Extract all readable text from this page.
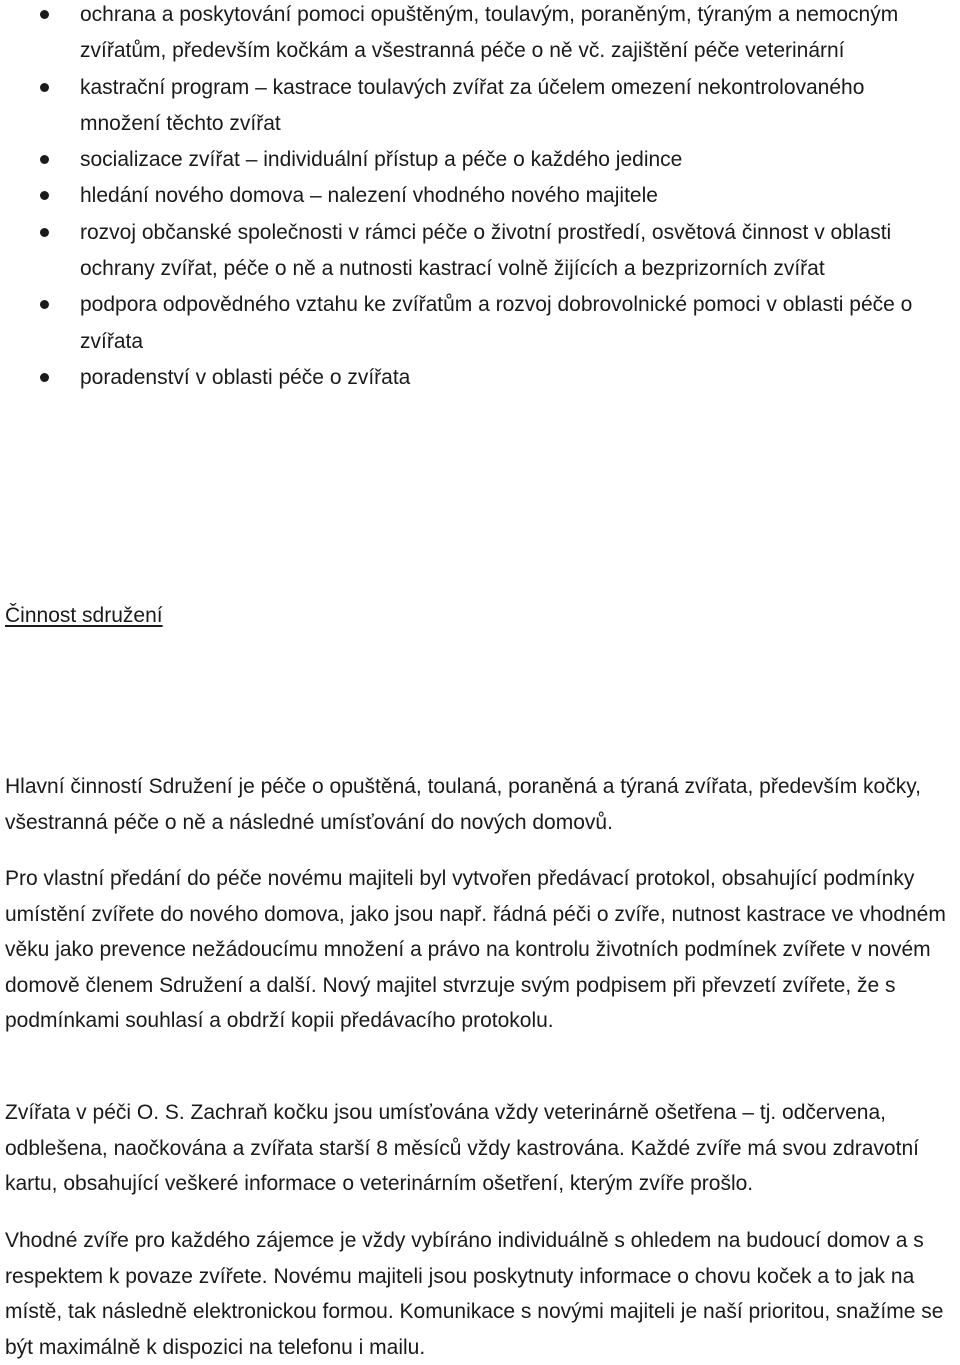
ochrana a poskytování pomoci opuštěným, toulavým, poraněným, týraným a nemocným zvířatům, především kočkám a všestranná péče o ně vč. zajištění péče veterinární
kastrační program – kastrace toulavých zvířat za účelem omezení nekontrolovaného množení těchto zvířat
socializace zvířat – individuální přístup a péče o každého jedince
hledání nového domova – nalezení vhodného nového majitele
rozvoj občanské společnosti v rámci péče o životní prostředí, osvětová činnost v oblasti ochrany zvířat, péče o ně a nutnosti kastrací volně žijících a bezprizorních zvířat
podpora odpovědného vztahu ke zvířatům a rozvoj dobrovolnické pomoci v oblasti péče o zvířata
poradenství v oblasti péče o zvířata
Činnost sdružení

Hlavní činností Sdružení je péče o opuštěná, toulaná, poraněná a týraná zvířata, především kočky, všestranná péče o ně a následné umísťování do nových domovů.

Pro vlastní předání do péče novému majiteli byl vytvořen předávací protokol, obsahující podmínky umístění zvířete do nového domova, jako jsou např. řádná péči o zvíře, nutnost kastrace ve vhodném věku jako prevence nežádoucímu množení a právo na kontrolu životních podmínek zvířete v novém domově členem Sdružení a další. Nový majitel stvrzuje svým podpisem při převzetí zvířete, že s podmínkami souhlasí a obdrží kopii předávacího protokolu.

Zvířata v péči O. S. Zachraň kočku jsou umísťována vždy veterinárně ošetřena – tj. odčervena, odblešena, naočkována a zvířata starší 8 měsíců vždy kastrována. Každé zvíře má svou zdravotní kartu, obsahující veškeré informace o veterinárním ošetření, kterým zvíře prošlo.

Vhodné zvíře pro každého zájemce je vždy vybíráno individuálně s ohledem na budoucí domov a s respektem k povaze zvířete. Novému majiteli jsou poskytnuty informace o chovu koček a to jak na místě, tak následně elektronickou formou. Komunikace s novými majiteli je naší prioritou, snažíme se být maximálně k dispozici na telefonu i mailu.
